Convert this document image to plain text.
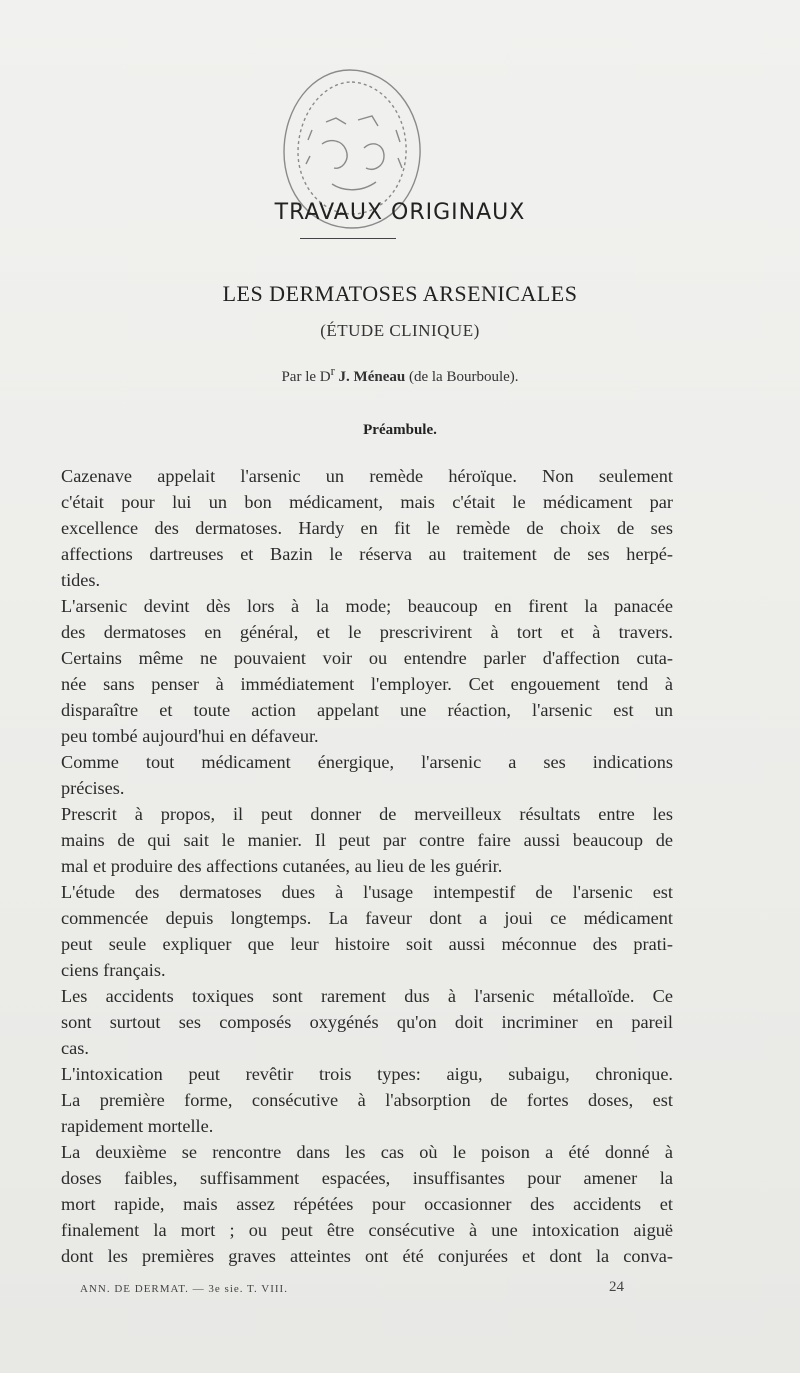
TRAVAUX ORIGINAUX
LES DERMATOSES ARSENICALES
(ÉTUDE CLINIQUE)
Par le $D^r$ J. Méneau (de la Bourboule).
Préambule.
Cazenave appelait l'arsenic un remède héroïque. Non seulement
c'était pour lui un bon médicament, mais c'était le médicament par
excellence des dermatoses. Hardy en fit le remède de choix de ses
affections dartreuses et Bazin le réserva au traitement de ses herpé-
tides.
L'arsenic devint dès lors à la mode; beaucoup en firent la panacée
des dermatoses en général, et le prescrivirent à tort et à travers.
Certains même ne pouvaient voir ou entendre parler d'affection cuta-
née sans penser à immédiatement l'employer. Cet engouement tend à
disparaître et toute action appelant une réaction, l'arsenic est un
peu tombé aujourd'hui en défaveur.
Comme tout médicament énergique, l'arsenic a ses indications
précises.
Prescrit à propos, il peut donner de merveilleux résultats entre les
mains de qui sait le manier. Il peut par contre faire aussi beaucoup de
mal et produire des affections cutanées, au lieu de les guérir.
L'étude des dermatoses dues à l'usage intempestif de l'arsenic est
commencée depuis longtemps. La faveur dont a joui ce médicament
peut seule expliquer que leur histoire soit aussi méconnue des prati-
ciens français.
Les accidents toxiques sont rarement dus à l'arsenic métalloïde. Ce
sont surtout ses composés oxygénés qu'on doit incriminer en pareil
cas.
L'intoxication peut revêtir trois types: aigu, subaigu, chronique.
La première forme, consécutive à l'absorption de fortes doses, est
rapidement mortelle.
La deuxième se rencontre dans les cas où le poison a été donné à
doses faibles, suffisamment espacées, insuffisantes pour amener la
mort rapide, mais assez répétées pour occasionner des accidents et
finalement la mort ; ou peut être consécutive à une intoxication aiguë
dont les premières graves atteintes ont été conjurées et dont la conva-
ANN. DE DERMAT. — 3e sie. T. VIII.	24
